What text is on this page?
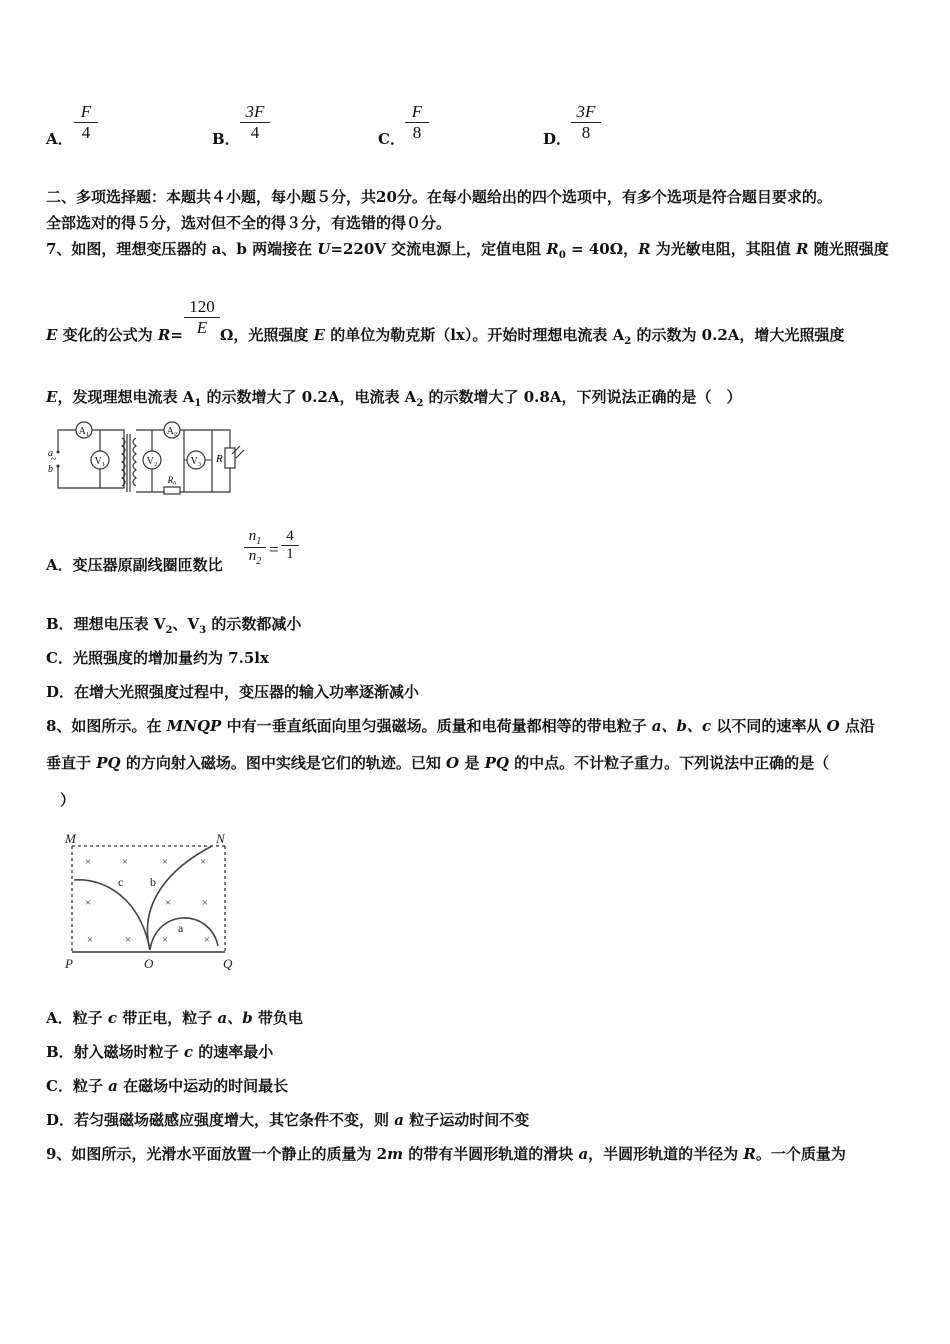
A．
F
4	B．
3F
4	C．
F
8	D．
3F
8
二、多项选择题：本题共４小题，每小题５分，共20分。在每小题给出的四个选项中，有多个选项是符合题目要求的。
全部选对的得５分，选对但不全的得３分，有选错的得０分。
7、如图，理想变压器的 a、b 两端接在 U=220V 交流电源上，定值电阻 $R_0 = 40\Omega$，R 为光敏电阻，其阻值 R 随光照强度
120
E
E 变化的公式为 R= Ω，光照强度 E 的单位为勒克斯（lx）。开始时理想电流表 $A_2$ 的示数为 0.2A，增大光照强度
E，发现理想电流表 $A_1$ 的示数增大了 0.2A，电流表 $A_2$ 的示数增大了 0.8A，下列说法正确的是（　）
A₁
V₁
A₂
V₂	V₃
R₀
R
a
~
b
A．变压器原副线圈匝数比
$n_1$
$n_2$
=
4
1
B．理想电压表 $V_2$、$V_3$ 的示数都减小
C．光照强度的增加量约为 7.5lx
D．在增大光照强度过程中，变压器的输入功率逐渐减小
8、如图所示。在 MNQP 中有一垂直纸面向里匀强磁场。质量和电荷量都相等的带电粒子 a、b、c 以不同的速率从 O 点沿
垂直于 PQ 的方向射入磁场。图中实线是它们的轨迹。已知 O 是 PQ 的中点。不计粒子重力。下列说法中正确的是（
）
×	×	×	×
×	×	×
×	×	×	×
M	N
P	O	Q
c b
a
A．粒子 c 带正电，粒子 a、b 带负电
B．射入磁场时粒子 c 的速率最小
C．粒子 a 在磁场中运动的时间最长
D．若匀强磁场磁感应强度增大，其它条件不变，则 a 粒子运动时间不变
9、如图所示，光滑水平面放置一个静止的质量为 2m 的带有半圆形轨道的滑块 a，半圆形轨道的半径为 R。一个质量为
